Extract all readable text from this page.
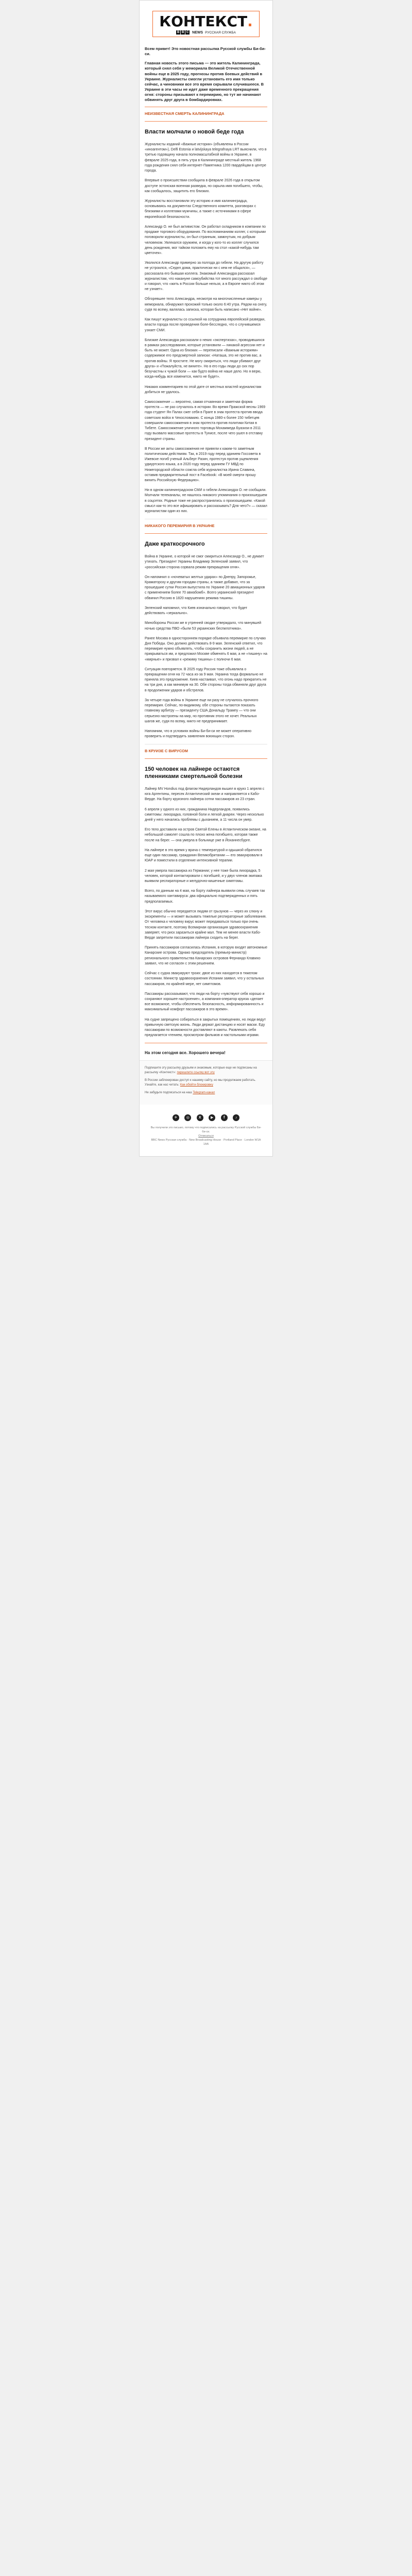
КОНТЕКСТ.
B B C NEWS РУССКАЯ СЛУЖБА

Всем привет! Это новостная рассылка Русской службы Би-би-си.

Главная новость этого письма — это житель Калининграда, который снял себя у мемориала Великой Отечественной войны еще в 2025 году, прогнозы против боевых действий в Украине. Журналисты смогли установить его имя только сейчас, а чиновники все это время скрывали случившееся. В Украине в эти часы не идет даже временного прекращения огня: стороны призывают к перемирию, но тут же начинают обвинять друг друга в бомбардировках.

НЕИЗВЕСТНАЯ СМЕРТЬ КАЛИНИНГРАДА
Власти молчали о новой беде года

Журналисты изданий «Важные истории» (объявлены в России «иноагентом»), Delfi Estonia и latvijskaya telegrafnaya LRT выяснили, что в третью годовщину начала полномасштабной войны в Украине, в феврале 2025 года, в пять утра в Калининграде местный житель 1968 года рождения снял себя интернет-Памятника 1200 гвардейцам в центре города.

Впервые о происшествии сообщила в феврале 2026 года в открытом доступе эстонская военная разведка, но скрыла имя погибшего, чтобы, как сообщалось, защитить его близких.

Журналисты восстановили эту историю и имя калининградца, основываясь на документах Следственного комитета, разговорах с близкими и коллегами мужчины, а также с источниками в сфере европейской безопасности.

Александр О. не был активистом. Он работал складником в компании по продаже торгового оборудования. По воспоминаниям коллег, с которыми поговорили журналисты, он был странным, замкнутым, но добрым человеком. Увлекался оружием, и когда у кого-то из коллег случился день рождения, мог тайком положить ему на стол «какой-нибудь там цветочек».

Уволился Александр примерно за полгода до гибели. На другую работу не устроился, «Седел дома, практически ни с кем не общался», — рассказала его бывшая коллега. Знакомый Александра рассказал журналистам, что накануне самоубийства тот много рассуждал о свободе и говорил, что «жить в России больше нельзя, а в Европе никто об этом не узнает».

Обгоревшее тело Александра, несмотря на многочисленные камеры у мемориала, обнаружил прохожий только около 6:40 утра. Рядом на снегу, судя по всему, валялась записка, которая быть написано «Нет войне».

Как пишут журналисты со ссылкой на сотрудника европейской разведки, власти города после проведения боле-бесследно, что о случившемся узнает СМИ.

Близкие Александра рассказали о неких «экспертизах», проводившихся в рамках расследования, которые установили — никакой агрессии нет и быть не может. Одна из близких — переписали «Важным историям» содержимое его предсмертной записки: «Наташа, это не против вас, а против войны. Я простите. Не могу смириться, что люди убивают друг друга» и «Пожалуйста, не вините». Но в его годы люди до сих пор безучастны к чужой боли — как будто война не наше дело. Но я верю, когда-нибудь все изменится, никто не будет».

Никаких комментариев по этой дате от местных властей журналистам добиться не удалось.

Самосожжение — вероятно, самая отчаянная и заметная форма протеста — не раз случалось в истории. Во время Пражской весны 1969 года студент Ян Палах сжег себя в Праге в знак протеста против ввода советских войск в Чехословакию. С конца 1980-х более 150 тибетцев совершили самосожжения в знак протеста против политики Китая в Тибете. Самосожжение уличного торговца Мохаммеда Буазизи в 2011 году вызвало массовые протесты в Тунисе, после чего ушел в отставку президент страны.

В России же акты самосожжения не привели к каким-то заметным политическим действиям. Так, в 2019 году перед зданием Госсовета в Ижевске погиб ученый Альберт Разин, протестуя против ущемления удмуртского языка, а в 2020 году перед зданием ГУ МВД по Нижегородской области сожгла себя журналистка Ирина Славина, оставив предварительный пост в Facebook: «В моей смерти прошу винить Российскую Федерацию».

Ни в одном калининградском СМИ о гибели Александра О. не сообщали. Молчали телеканалы, не нашлось никакого упоминания о произошедшем в соцсетях. Родные тоже не распространялись о произошедшем. «Какой смысл как-то это все афишировать и рассказывать? Для чего?» — сказал журналистам один из них.

НИКАКОГО ПЕРЕМИРИЯ В УКРАИНЕ
Даже краткосрочного

Война в Украине, о которой не смог смириться Александр О., не думает утихать. Президент Украины Владимир Зеленский заявил, что «российская сторона сорвала режим прекращения огня».

Он напомнил о «ночеватых желтых ударах» по Днепру, Запорожье, Краматорску и другим городам страны, а также добавил, что за прошедшие сутки Россия выпустила по Украине 20 авиационных ударов с применением более 70 авиабомб». Всего украинский президент обвинил Россию в 1820 нарушениях режима тишины.

Зеленский напомнил, что Киев изначально говорил, что будет действовать «зеркально».

Минобороны России же в утренней сводке утверждало, что минувшей ночью средства ПВО «были 53 украинских беспилотника».

Ранее Москва в одностороннем порядке объявила перемирие по случаю Дня Победы. Оно должно действовать 8-9 мая. Зеленский ответил, что перемирие нужно объявлять, чтобы сохранить жизни людей, а не прикрываться им, и предложил Москве обменять 6 мая, а не «тишину» на «мирные» и призвал к «режиму тишины» с полночи 6 мая.

Ситуация повторяется. В 2025 году Россия тоже объявляла о прекращении огня на 72 часа из-за 9 мая. Украина тогда формально не приняла это предложение. Киев настаивал, что огонь надо прекратить не на три дня, а как минимум на 30. Обе стороны тогда обвиняли друг друга в продолжении ударов и обстрелов.

За четыре года войны в Украине еще ни разу не случалось прочного перемирия. Сейчас, по-видимому, обе стороны пытаются показать главному арбитру — президенту США Дональду Трампу — что они серьезно настроены на мир, но противник этого не хочет. Реальных шагов же, судя по всему, никто не предпринимает.

Напомним, что в условиях войны Би-би-си не может оперативно проверить и подтвердить заявления воюющих сторон.

В КРУИЗЕ С ВИРУСОМ
150 человек на лайнере остаются пленниками смертельной болезни

Лайнер MV Hondius под флагом Нидерландов вышел в круиз 1 апреля с юга Аргентины, пересек Атлантический океан и направляется к Кабо-Верде. На борту круизного лайнера сотни пассажиров из 23 стран.

6 апреля у одного из них, гражданина Нидерландов, появились симптомы: лихорадка, головной боли и легкой диареи. Через несколько дней у него начались проблемы с дыханием, а 11 числа он умер.

Его тело доставили на остров Святой Елены в Атлантическом океане, на небольшой самолет сошла по плохо жена погибшего, которая также после на берег. — она умерла в больнице уже в Йоханнесбурге.

На лайнере в это время у врача с температурой и одышкой обратился еще один пассажир, гражданин Великобритании — его эвакуировали в ЮАР и поместили в отделение интенсивной терапии.

2 мая умерла пассажирка из Германии; у нее тоже была лихорадка, 5 человек, которой контактировали с погибшей, и у двух членов экипажа выявили респираторные и желудочно-кишечные симптомы.

Всего, по данным на 4 мая, на борту лайнера выявили семь случаев так называемого хантавируса: два официально подтвержденных и пять предполагаемых.

Этот вирус обычно передается людям от грызунов — через их слюну и экскременты — и может вызывать тяжелые респираторные заболевания. От человека к человеку вирус может передаваться только при очень тесном контакте, поэтому Всемирная организация здравоохранения заверяет, что риск заразиться крайне мал. Тем не менее власти Кабо-Верде запретили пассажирам лайнера сходить на берег.

Принять пассажиров согласилась Испания, в которую входят автономные Канарские острова. Однако председатель (премьер-министр) регионального правительства Канарских островов Фернандо Клавихо заявил, что не согласен с этим решением.

Сейчас с судна эвакуируют троих: двое из них находятся в тяжелом состоянии. Министр здравоохранения Испании заявил, что у остальных пассажиров, по крайней мере, нет симптомов.

Пассажиры рассказывают, что люди на борту «чувствуют себя хорошо и сохраняют хорошее настроение», а компания-оператор круиза «делает все возможное, чтобы обеспечить безопасность, информированность и максимальный комфорт пассажиров в это время».

На судне запрещено собираться в закрытых помещениях, но люди ведут привычную светскую жизнь. Люди держат дистанцию и носят маски. Еду пассажирам по возможности доставляют в каюты. Развлекать себя предлагается чтением, просмотром фильмов и настольными играми.

На этом сегодня все. Хорошего вечера!

Подпишите эту рассылку друзьям и знакомым, которые еще не подписаны на рассылку «Контекст»: перешлите ссылку вот эту

В России заблокирован доступ к нашему сайту, но мы продолжаем работать. Узнайте, как нас читать: Как обойти блокировку

Не забудьте подписаться на наш Telegram-канал

✈ ◎	X	▶	f	♪
Вы получили это письмо, потому что подписались на рассылку Русской службы Би-би-си.
Отписаться
BBC News Русская служба · New Broadcasting House · Portland Place · London W1A 1AA
